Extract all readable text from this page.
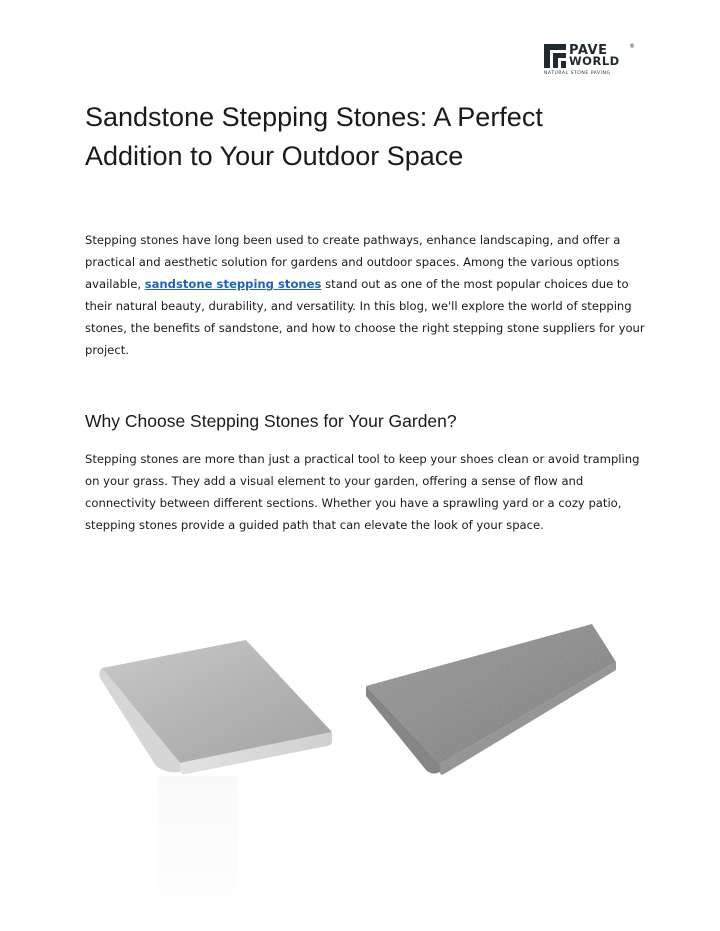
PAVE	®
WORLD
NATURAL STONE PAVING
Sandstone Stepping Stones: A Perfect Addition to Your Outdoor Space

Stepping stones have long been used to create pathways, enhance landscaping, and offer a practical and aesthetic solution for gardens and outdoor spaces. Among the various options available, sandstone stepping stones stand out as one of the most popular choices due to their natural beauty, durability, and versatility. In this blog, we'll explore the world of stepping stones, the benefits of sandstone, and how to choose the right stepping stone suppliers for your project.

Why Choose Stepping Stones for Your Garden?

Stepping stones are more than just a practical tool to keep your shoes clean or avoid trampling on your grass. They add a visual element to your garden, offering a sense of flow and connectivity between different sections. Whether you have a sprawling yard or a cozy patio, stepping stones provide a guided path that can elevate the look of your space.
